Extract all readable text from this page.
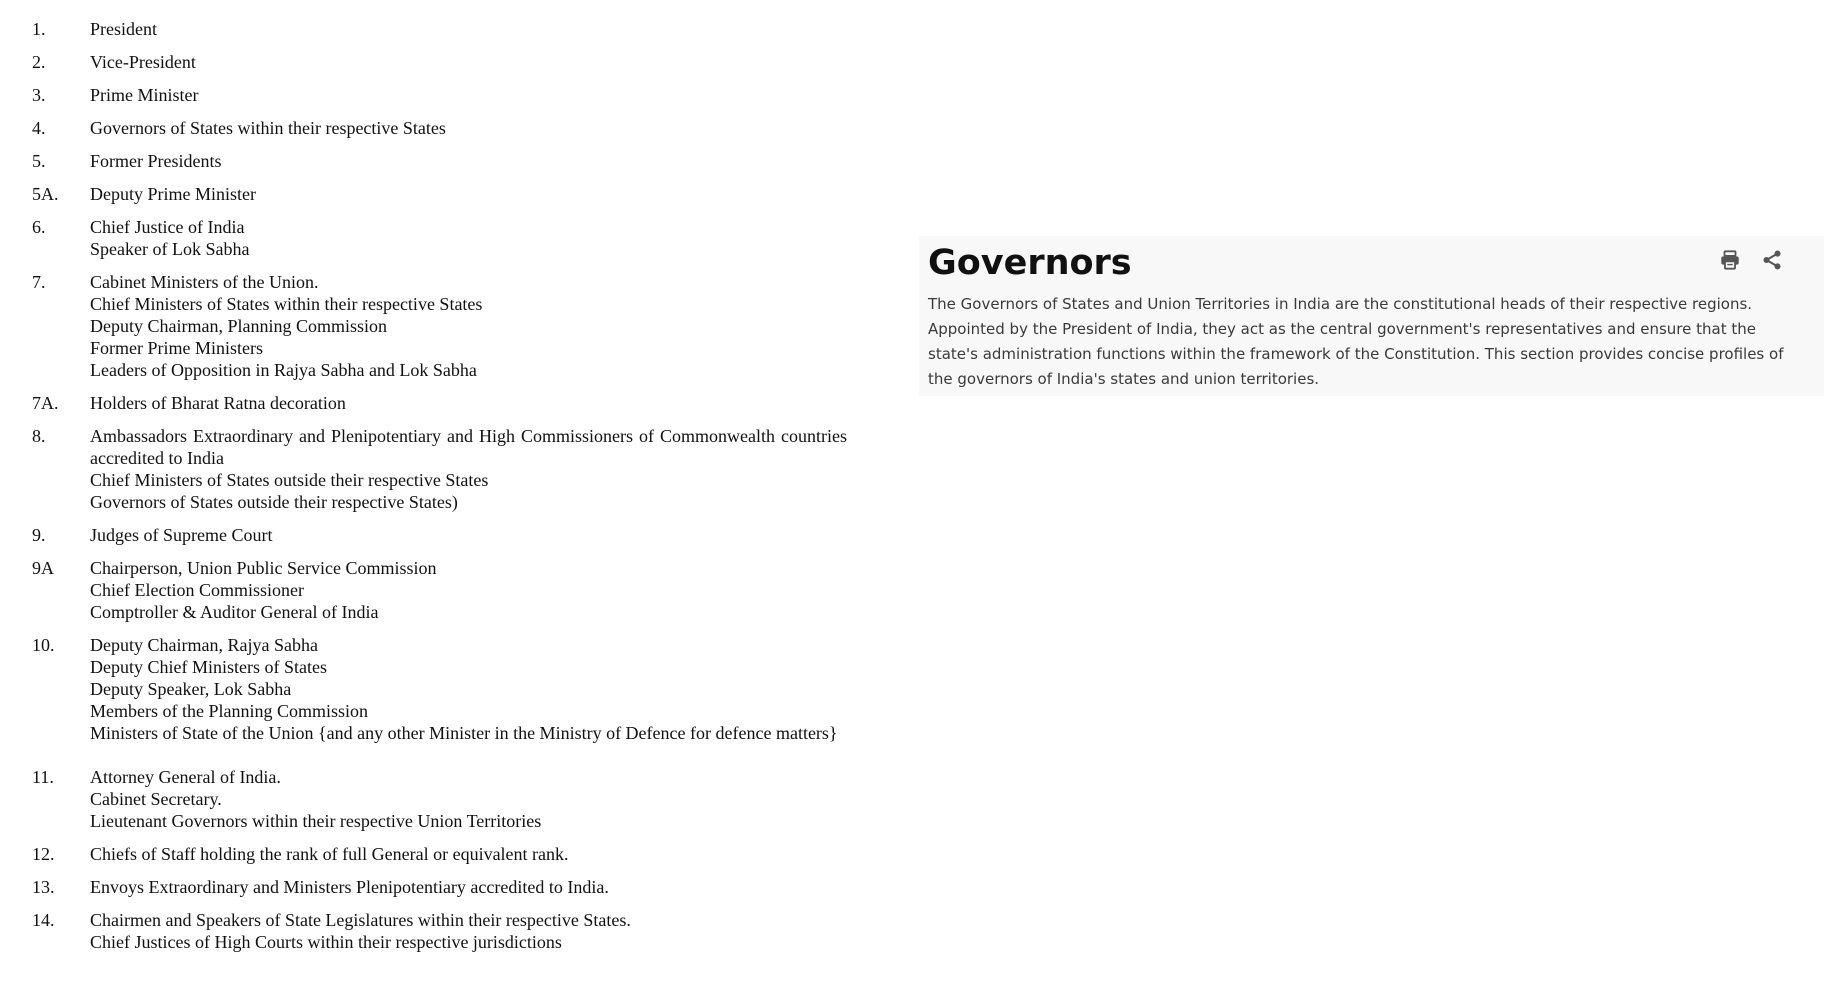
1.	President
2.	Vice-President
3.	Prime Minister
4.	Governors of States within their respective States
5.	Former Presidents
5A.	Deputy Prime Minister
6.	Chief Justice of India
Speaker of Lok Sabha
7.	Cabinet Ministers of the Union.
Chief Ministers of States within their respective States
Deputy Chairman, Planning Commission
Former Prime Ministers
Leaders of Opposition in Rajya Sabha and Lok Sabha
7A.	Holders of Bharat Ratna decoration
8.	Ambassadors Extraordinary and Plenipotentiary and High Commissioners of Commonwealth countries accredited to India
Chief Ministers of States outside their respective States
Governors of States outside their respective States)
9.	Judges of Supreme Court
9A	Chairperson, Union Public Service Commission
Chief Election Commissioner
Comptroller & Auditor General of India
10.	Deputy Chairman, Rajya Sabha
Deputy Chief Ministers of States
Deputy Speaker, Lok Sabha
Members of the Planning Commission
Ministers of State of the Union {and any other Minister in the Ministry of Defence for defence matters}
11.	Attorney General of India.
Cabinet Secretary.
Lieutenant Governors within their respective Union Territories
12.	Chiefs of Staff holding the rank of full General or equivalent rank.
13.	Envoys Extraordinary and Ministers Plenipotentiary accredited to India.
14.	Chairmen and Speakers of State Legislatures within their respective States.
Chief Justices of High Courts within their respective jurisdictions
Governors

The Governors of States and Union Territories in India are the constitutional heads of their respective regions. Appointed by the President of India, they act as the central government's representatives and ensure that the state's administration functions within the framework of the Constitution. This section provides concise profiles of the governors of India's states and union territories.
